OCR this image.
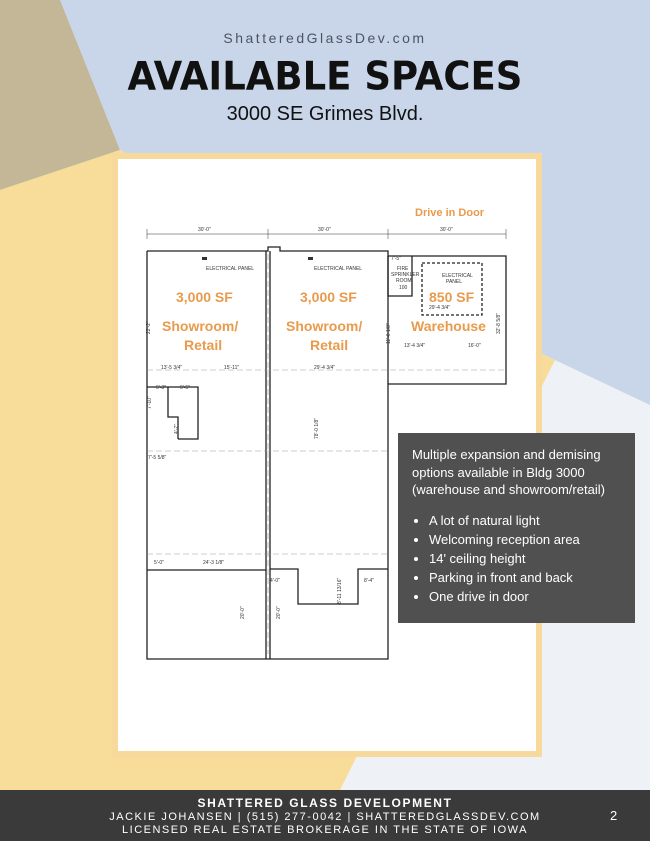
ShatteredGlassDev.com
AVAILABLE SPACES
3000 SE Grimes Blvd.
30'-0"	30'-0"	30'-0"
ELECTRICAL PANEL	ELECTRICAL PANEL
ELECTRICAL
PANEL
FIRE
SPRINKLER
ROOM
100
Drive in Door
3,000 SF
Showroom/
Retail
3,000 SF
Showroom/
Retail
850 SF
Warehouse
29'-4 3/4"
13'-4 3/4"	16'-0"
13'-5 3/4"	15'-11"	29'-4 3/4"
7'-5 5/8"
24'-3 1/8"
5'-0"
4'-0"	8'-4"
6'-3"	6'-5"
22'-2"
78'-0 1/8"
32'-8 5/8"
11'-0 1/8"
20'-0"	20'-0"
8'-11 13/16"
7'-10"
4'-7"
7'-5"

Multiple expansion and demising options available in Bldg 3000 (warehouse and showroom/retail)

• A lot of natural light
• Welcoming reception area
• 14' ceiling height
• Parking in front and back
• One drive in door
SHATTERED GLASS DEVELOPMENT
JACKIE JOHANSEN | (515) 277-0042 | SHATTEREDGLASSDEV.COM
LICENSED REAL ESTATE BROKERAGE IN THE STATE OF IOWA
2
